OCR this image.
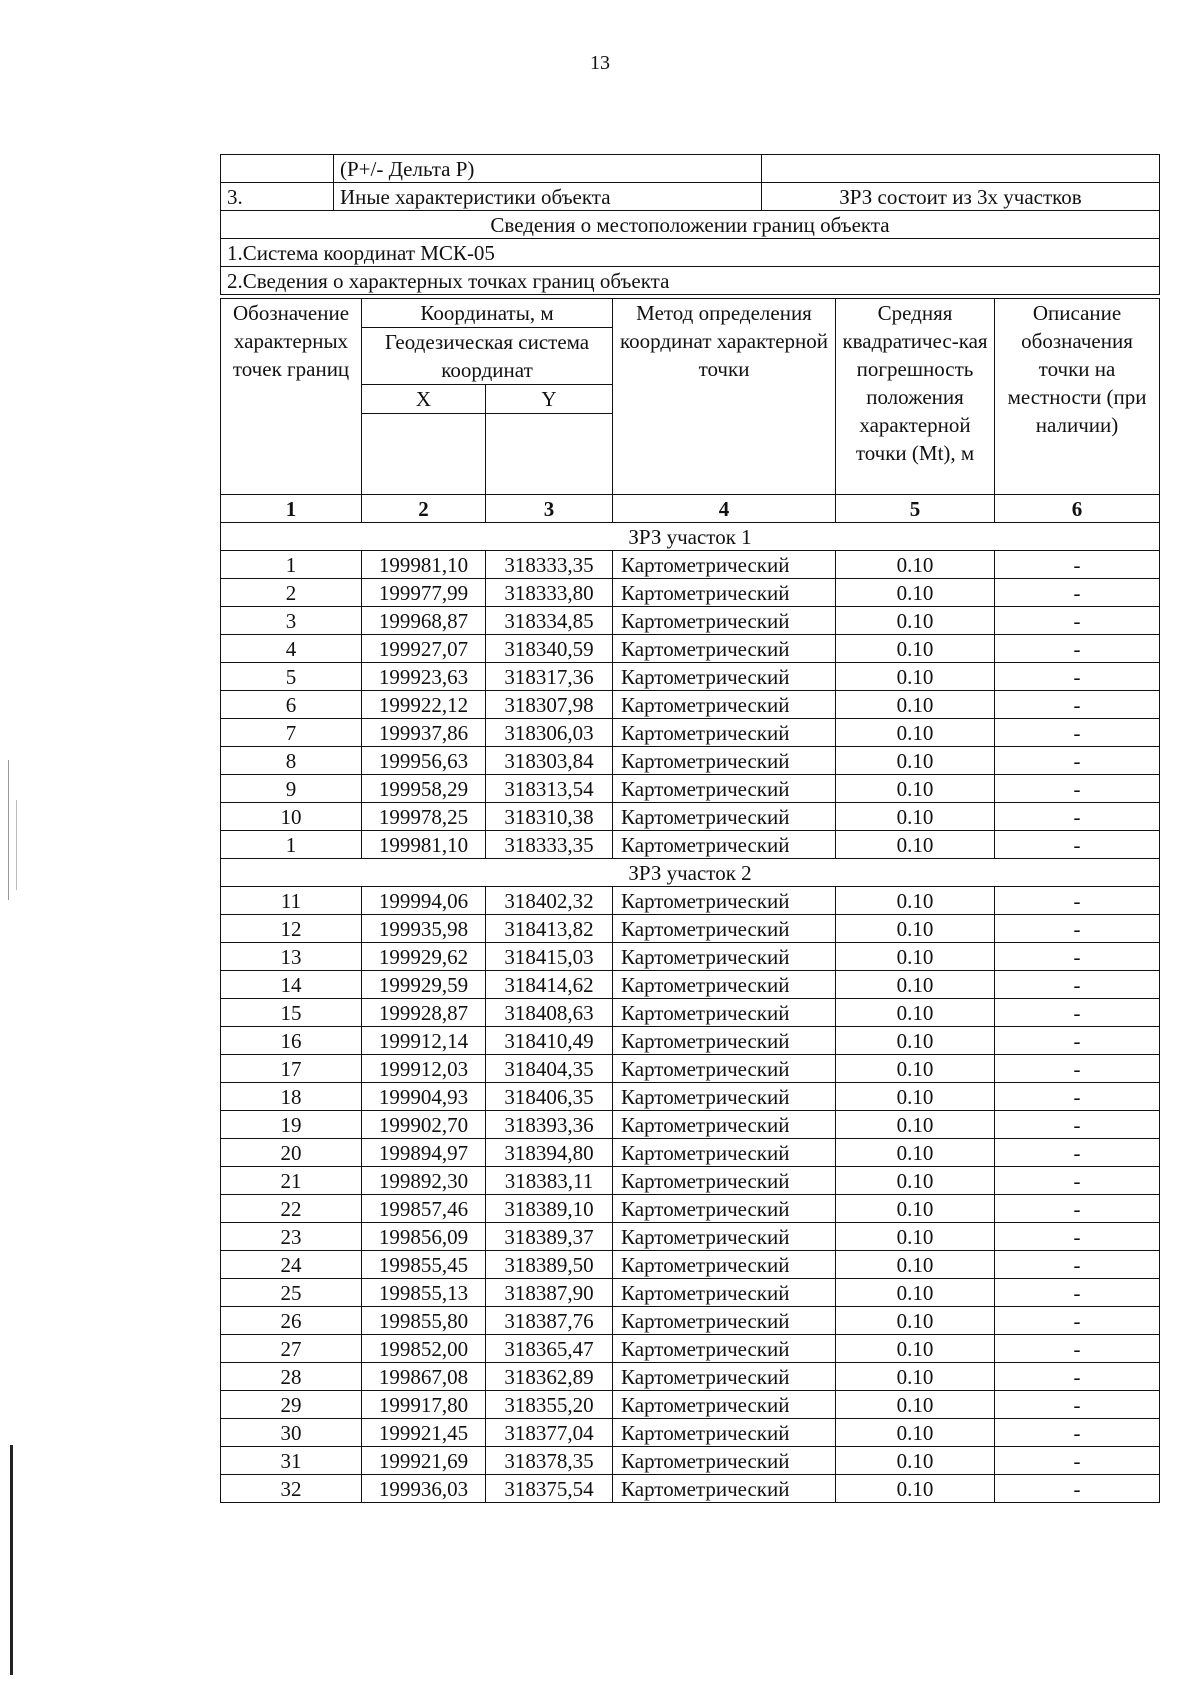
13
	(P+/- Дельта P)	
3.	Иные характеристики объекта	ЗРЗ состоит из 3х участков
Сведения о местоположении границ объекта		
1.Система координат МСК-05		
2.Сведения о характерных точках границ объекта		
Обозначение характерных точек границ	Координаты, м		Метод определения координат характерной точки	Средняя квадратичес-кая погрешность положения характерной точки (Mt), м	Описание обозначения точки на местности (при наличии)
	Геодезическая система координат				
	X	Y			

1	2	3	4	5	6
ЗРЗ участок 1					
1	199981,10	318333,35	Картометрический	0.10	-
2	199977,99	318333,80	Картометрический	0.10	-
3	199968,87	318334,85	Картометрический	0.10	-
4	199927,07	318340,59	Картометрический	0.10	-
5	199923,63	318317,36	Картометрический	0.10	-
6	199922,12	318307,98	Картометрический	0.10	-
7	199937,86	318306,03	Картометрический	0.10	-
8	199956,63	318303,84	Картометрический	0.10	-
9	199958,29	318313,54	Картометрический	0.10	-
10	199978,25	318310,38	Картометрический	0.10	-
1	199981,10	318333,35	Картометрический	0.10	-
ЗРЗ участок 2					
11	199994,06	318402,32	Картометрический	0.10	-
12	199935,98	318413,82	Картометрический	0.10	-
13	199929,62	318415,03	Картометрический	0.10	-
14	199929,59	318414,62	Картометрический	0.10	-
15	199928,87	318408,63	Картометрический	0.10	-
16	199912,14	318410,49	Картометрический	0.10	-
17	199912,03	318404,35	Картометрический	0.10	-
18	199904,93	318406,35	Картометрический	0.10	-
19	199902,70	318393,36	Картометрический	0.10	-
20	199894,97	318394,80	Картометрический	0.10	-
21	199892,30	318383,11	Картометрический	0.10	-
22	199857,46	318389,10	Картометрический	0.10	-
23	199856,09	318389,37	Картометрический	0.10	-
24	199855,45	318389,50	Картометрический	0.10	-
25	199855,13	318387,90	Картометрический	0.10	-
26	199855,80	318387,76	Картометрический	0.10	-
27	199852,00	318365,47	Картометрический	0.10	-
28	199867,08	318362,89	Картометрический	0.10	-
29	199917,80	318355,20	Картометрический	0.10	-
30	199921,45	318377,04	Картометрический	0.10	-
31	199921,69	318378,35	Картометрический	0.10	-
32	199936,03	318375,54	Картометрический	0.10	-
